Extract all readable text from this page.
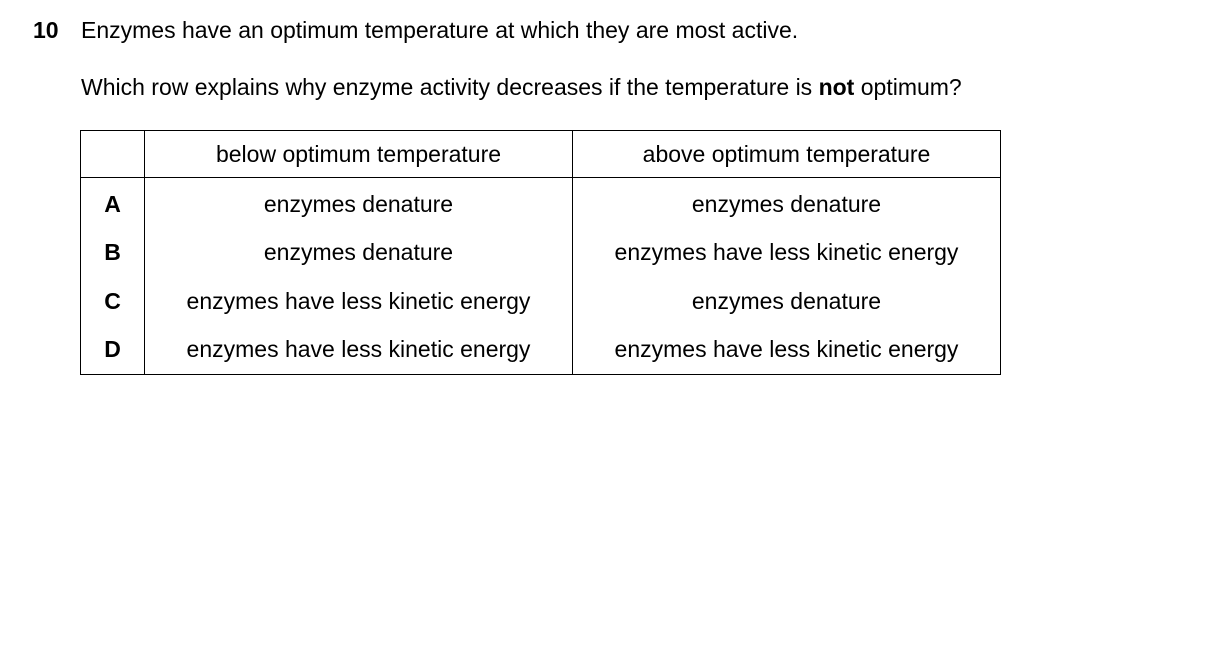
10 Enzymes have an optimum temperature at which they are most active.
Which row explains why enzyme activity decreases if the temperature is not optimum?
	below optimum temperature	above optimum temperature
A	enzymes denature	enzymes denature
B	enzymes denature	enzymes have less kinetic energy
C	enzymes have less kinetic energy	enzymes denature
D	enzymes have less kinetic energy	enzymes have less kinetic energy
